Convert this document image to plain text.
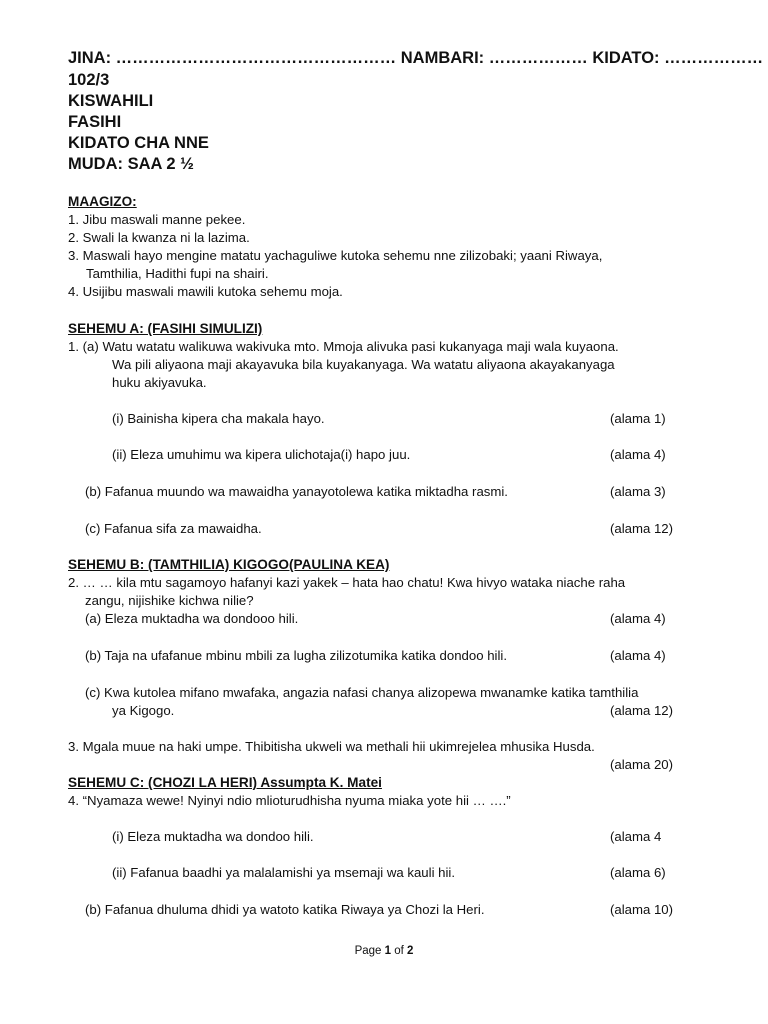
JINA: …………………………………………… NAMBARI: ……………… KIDATO: ………………
102/3
KISWAHILI
FASIHI
KIDATO CHA NNE
MUDA: SAA 2 ½
MAAGIZO:
1. Jibu maswali manne pekee.
2. Swali la kwanza ni la lazima.
3. Maswali hayo mengine matatu yachaguliwe kutoka sehemu nne zilizobaki; yaani Riwaya,
Tamthilia, Hadithi fupi na shairi.
4. Usijibu maswali mawili kutoka sehemu moja.
SEHEMU A: (FASIHI SIMULIZI)
1. (a) Watu watatu walikuwa wakivuka mto. Mmoja alivuka pasi kukanyaga maji wala kuyaona.
Wa pili aliyaona maji akayavuka bila kuyakanyaga. Wa watatu aliyaona akayakanyaga
huku akiyavuka.
(i) Bainisha kipera cha makala hayo.	(alama 1)
(ii) Eleza umuhimu wa kipera ulichotaja(i) hapo juu.	(alama 4)
(b) Fafanua muundo wa mawaidha yanayotolewa katika miktadha rasmi.	(alama 3)
(c) Fafanua sifa za mawaidha.	(alama 12)
SEHEMU B: (TAMTHILIA) KIGOGO(PAULINA KEA)
2. … … kila mtu sagamoyo hafanyi kazi yakek – hata hao chatu! Kwa hivyo wataka niache raha
zangu, nijishike kichwa nilie?
(a) Eleza muktadha wa dondooo hili.	(alama 4)
(b) Taja na ufafanue mbinu mbili za lugha zilizotumika katika dondoo hili.	(alama 4)
(c) Kwa kutolea mifano mwafaka, angazia nafasi chanya alizopewa mwanamke katika tamthilia
ya Kigogo.	(alama 12)
3. Mgala muue na haki umpe. Thibitisha ukweli wa methali hii ukimrejelea mhusika Husda.
(alama 20)
SEHEMU C: (CHOZI LA HERI) Assumpta K. Matei
4. “Nyamaza wewe! Nyinyi ndio mlioturudhisha nyuma miaka yote hii … ….”
(i) Eleza muktadha wa dondoo hili.	(alama 4
(ii) Fafanua baadhi ya malalamishi ya msemaji wa kauli hii.	(alama 6)
(b) Fafanua dhuluma dhidi ya watoto katika Riwaya ya Chozi la Heri.	(alama 10)
Page 1 of 2
